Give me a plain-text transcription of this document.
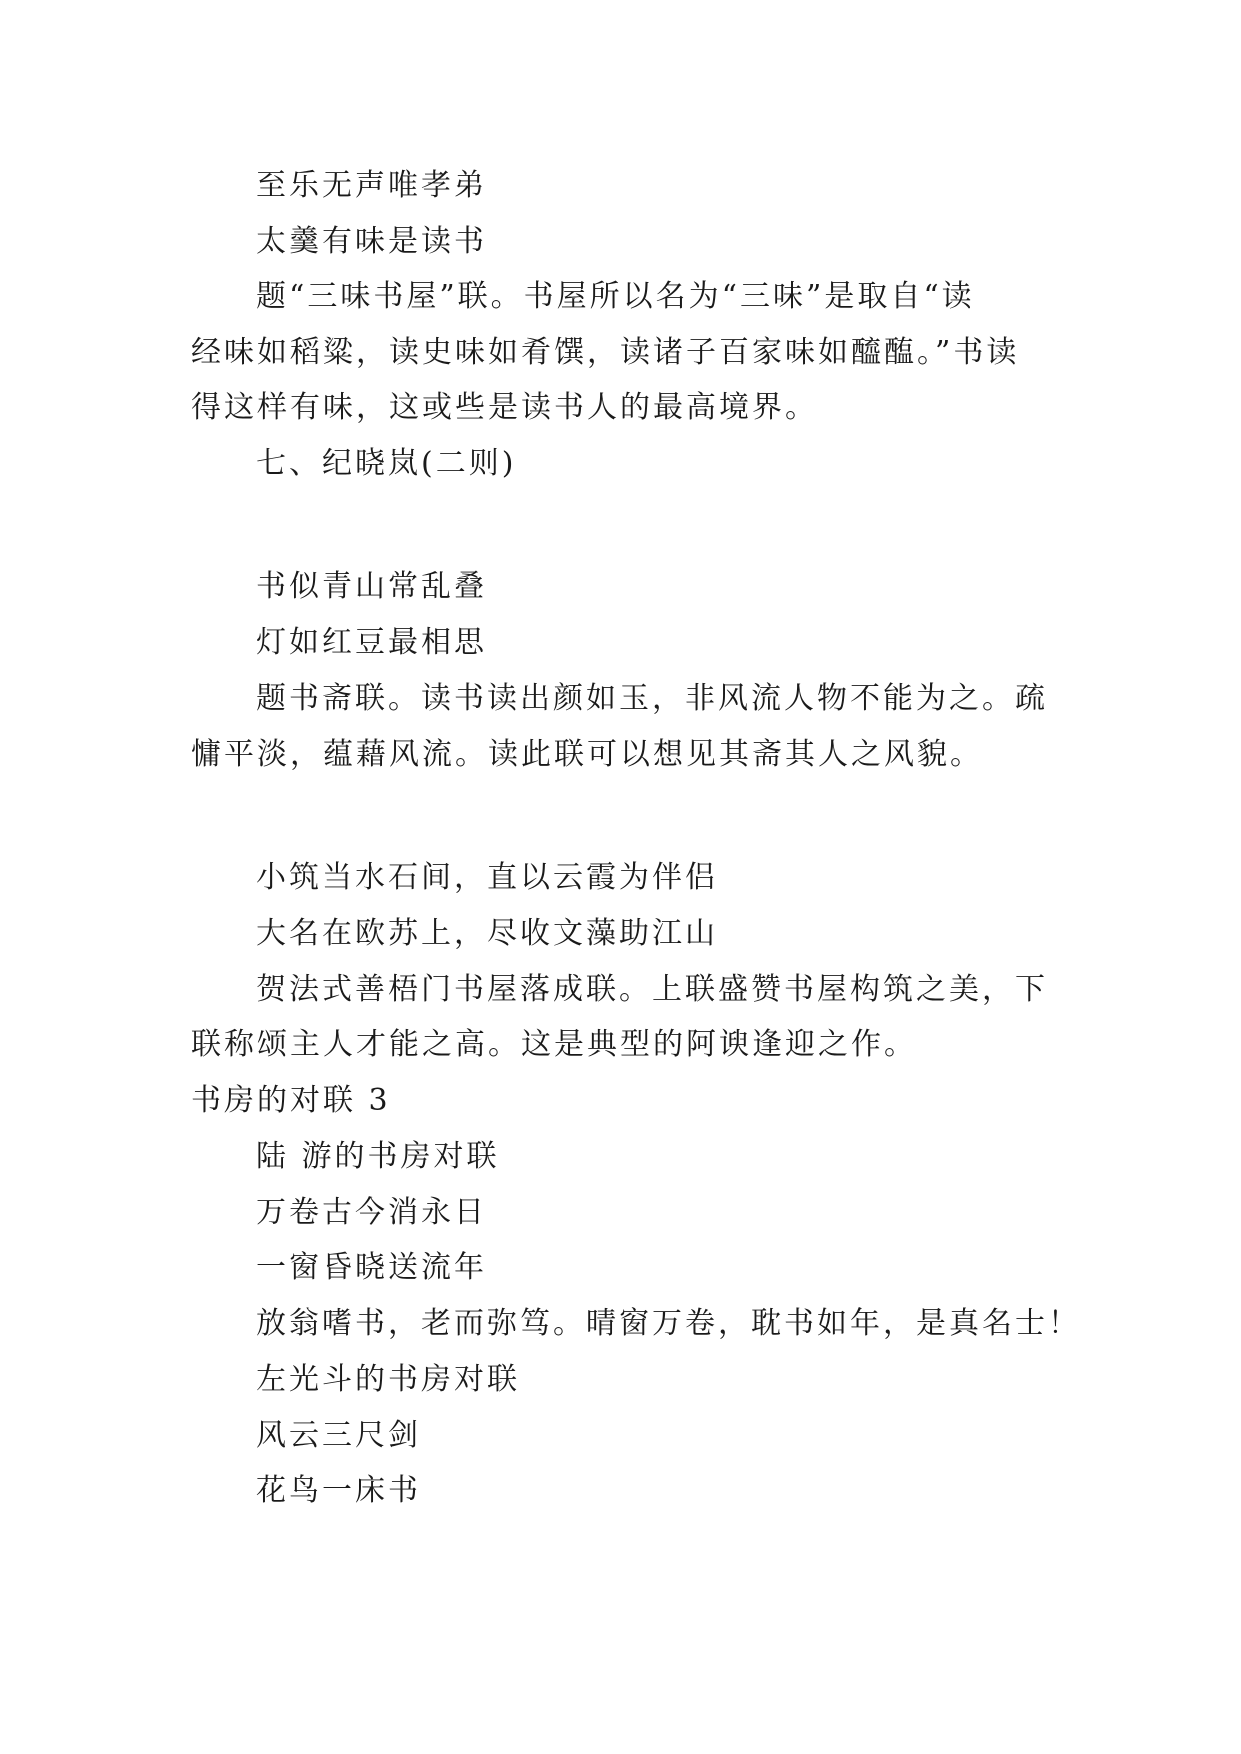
至乐无声唯孝弟
太羹有味是读书
题“三味书屋”联。书屋所以名为“三味”是取自“读
经味如稻粱，读史味如肴馔，读诸子百家味如醯醢。”书读
得这样有味，这或些是读书人的最高境界。
七、纪晓岚(二则)
书似青山常乱叠
灯如红豆最相思
题书斋联。读书读出颜如玉，非风流人物不能为之。疏
慵平淡，蕴藉风流。读此联可以想见其斋其人之风貌。
小筑当水石间，直以云霞为伴侣
大名在欧苏上，尽收文藻助江山
贺法式善梧门书屋落成联。上联盛赞书屋构筑之美，下
联称颂主人才能之高。这是典型的阿谀逢迎之作。
书房的对联 3
陆 游的书房对联
万卷古今消永日
一窗昏晓送流年
放翁嗜书，老而弥笃。晴窗万卷，耽书如年，是真名士！
左光斗的书房对联
风云三尺剑
花鸟一床书
